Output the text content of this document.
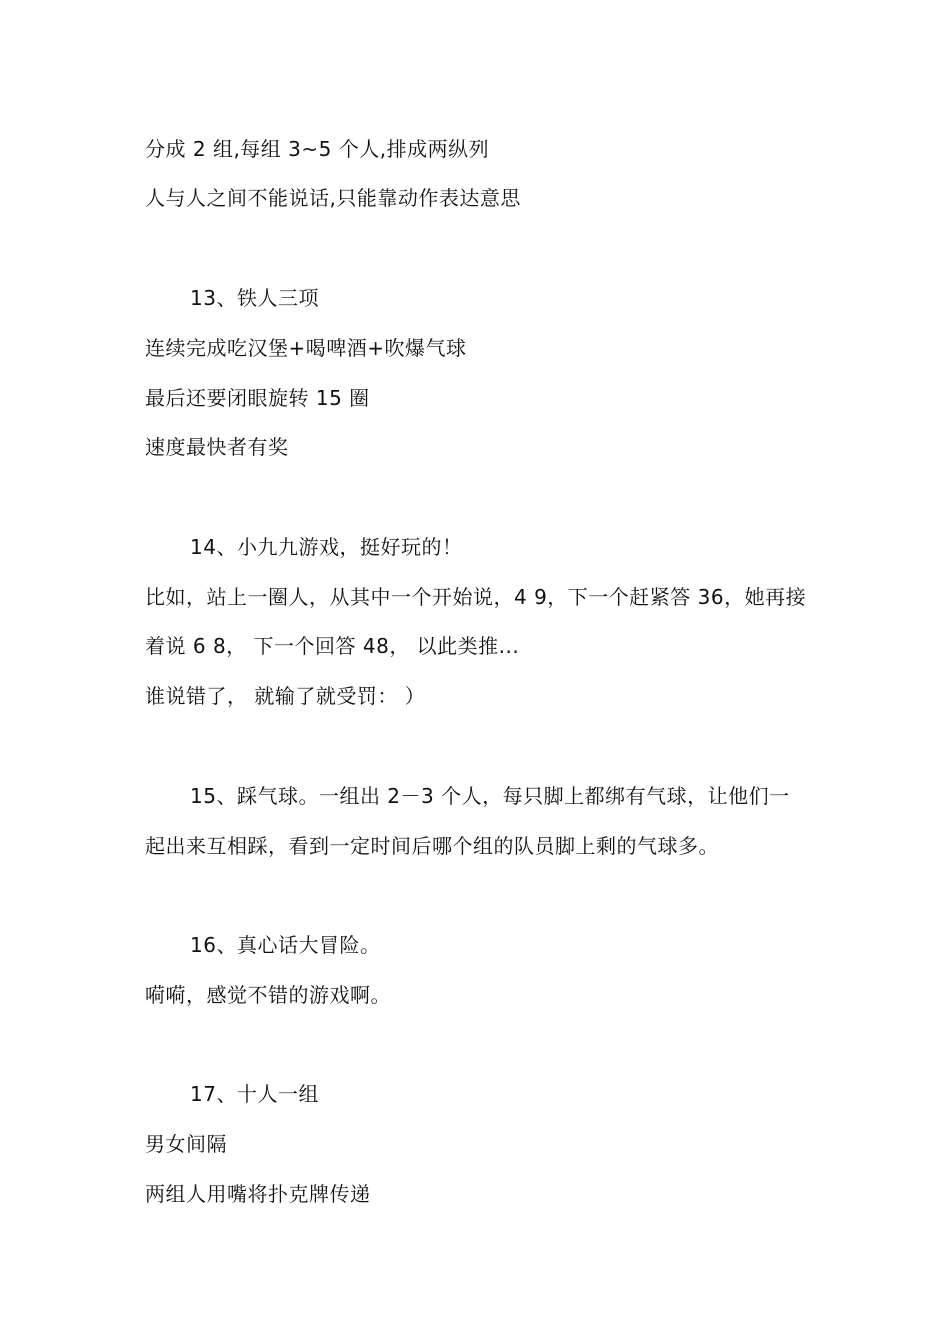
分成 2 组,每组 3~5 个人,排成两纵列
人与人之间不能说话,只能靠动作表达意思
13、铁人三项
连续完成吃汉堡+喝啤酒+吹爆气球
最后还要闭眼旋转 15 圈
速度最快者有奖
14、小九九游戏，挺好玩的！
比如，站上一圈人，从其中一个开始说，4 9，下一个赶紧答 36，她再接
着说 6 8， 下一个回答 48， 以此类推...
谁说错了， 就输了就受罚： ）
15、踩气球。一组出 2－3 个人，每只脚上都绑有气球，让他们一
起出来互相踩，看到一定时间后哪个组的队员脚上剩的气球多。
16、真心话大冒险。
嗬嗬，感觉不错的游戏啊。
17、十人一组
男女间隔
两组人用嘴将扑克牌传递
